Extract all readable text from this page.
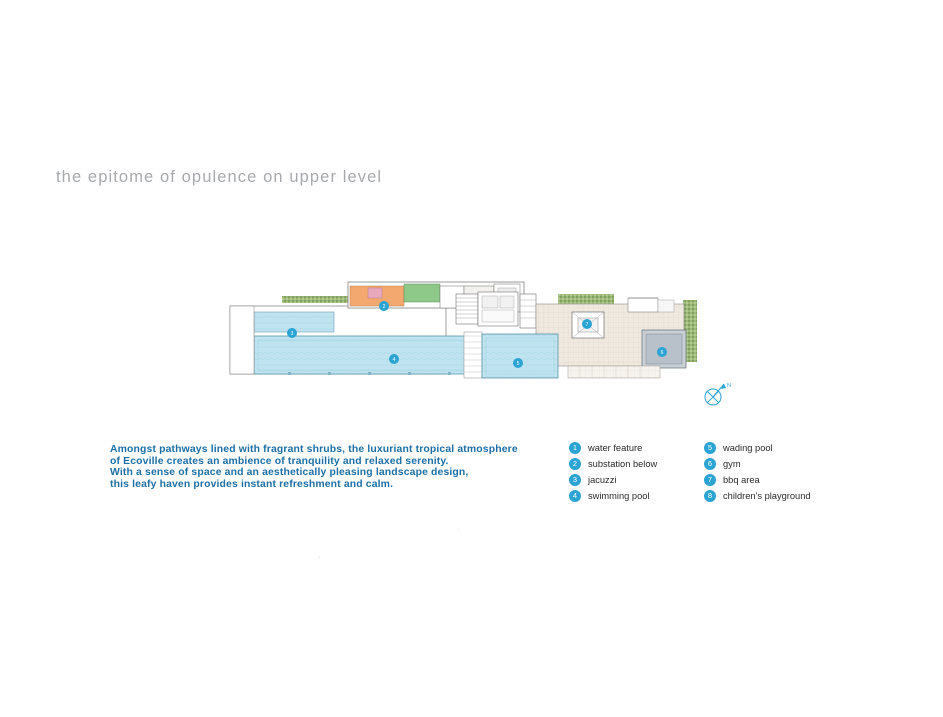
the epitome of opulence on upper level
3
2
4
5
7
6
N

Amongst pathways lined with fragrant shrubs, the luxuriant tropical atmosphere

of Ecoville creates an ambience of tranquility and relaxed serenity.

With a sense of space and an aesthetically pleasing landscape design,

this leafy haven provides instant refreshment and calm.

1	water feature
2	substation below
3	jacuzzi
4	swimming pool
5	wading pool
6	gym
7	bbq area
8	children's playground
.
`
